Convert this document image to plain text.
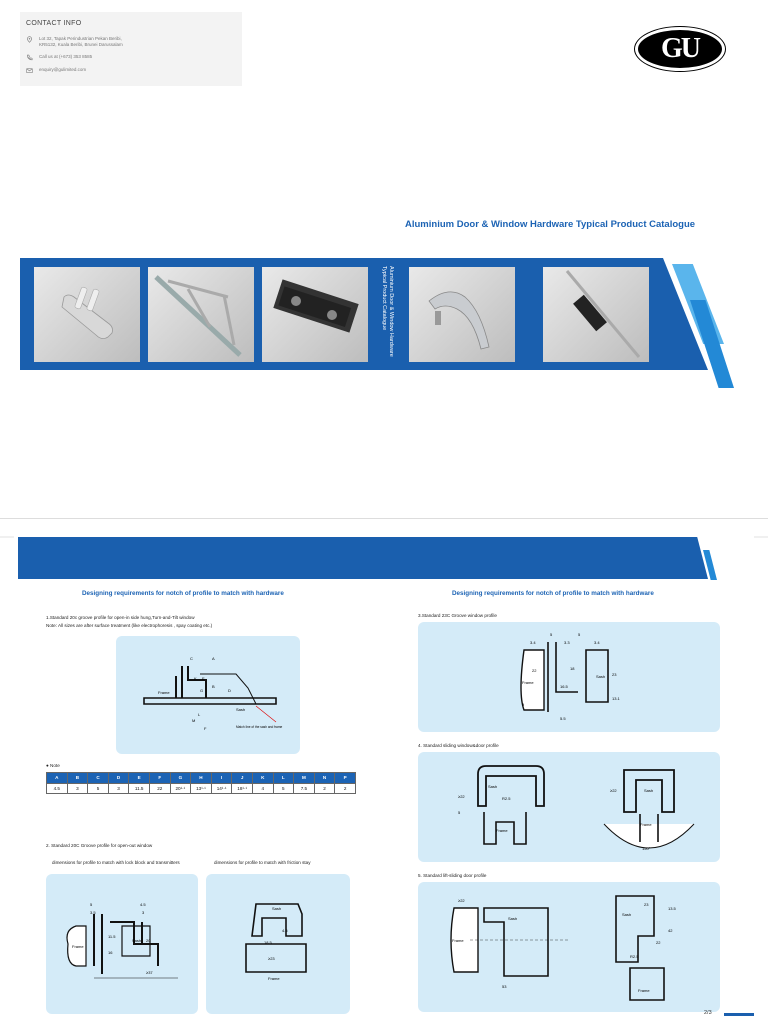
CONTACT INFO
Lot 32, Tapak Perindustrian Pekan Beribi, KR5132, Kuala Beribi, Brunei Darussalam
Call us at (+673) 353 8585
enquiry@gulimited.com
GU
Aluminium Door & Window Hardware Typical Product Catalogue
Aluminium Door & Window Hardware
Typical Product Catalogue
Designing requirements for notch of profile to match with hardware
1.Standard 20c groove profile for open-in side hung,Turn-and-Tilt window
Note: All sizes are after surface treatment (like electrophoresis , spay coating etc.)
Frame
Sash
C	A
E
B
K
G	D
M
L
F	Match line of the sash and frame
● Note
A	B	C	D	E	F	G	H	I	J	K	L	M	N	P
4.5	3	5	3	11.5	22	20¹·¹	13¹·¹	14¹·¹	18¹·¹	4	5	7.5	2	2
2. Standard 20C Groove profile for open-out window
dimensions for profile to match with lock block and transmitters	dimensions for profile to match with friction stay
Frame
Sash
5	4.5
3.5	3
11.5
16
20
≥37
Sash
Frame
18.5
4.5
≥23
Designing requirements for notch of profile to match with hardware
3.Standard 23C Groove window profile
Frame
Sash
5	5
3.4	3.4
3.3
22	18
23
16.5
13.1
5.5
9
4. Standard sliding window&door profile
Sash
Frame
≥22	R2.5
5
Sash
Frame
≥22
150°
5. Standard lift-sliding door profile
Sash
Frame
≥22
53
Sash
Frame
23
22
R2.5
42
13.5
2/3
